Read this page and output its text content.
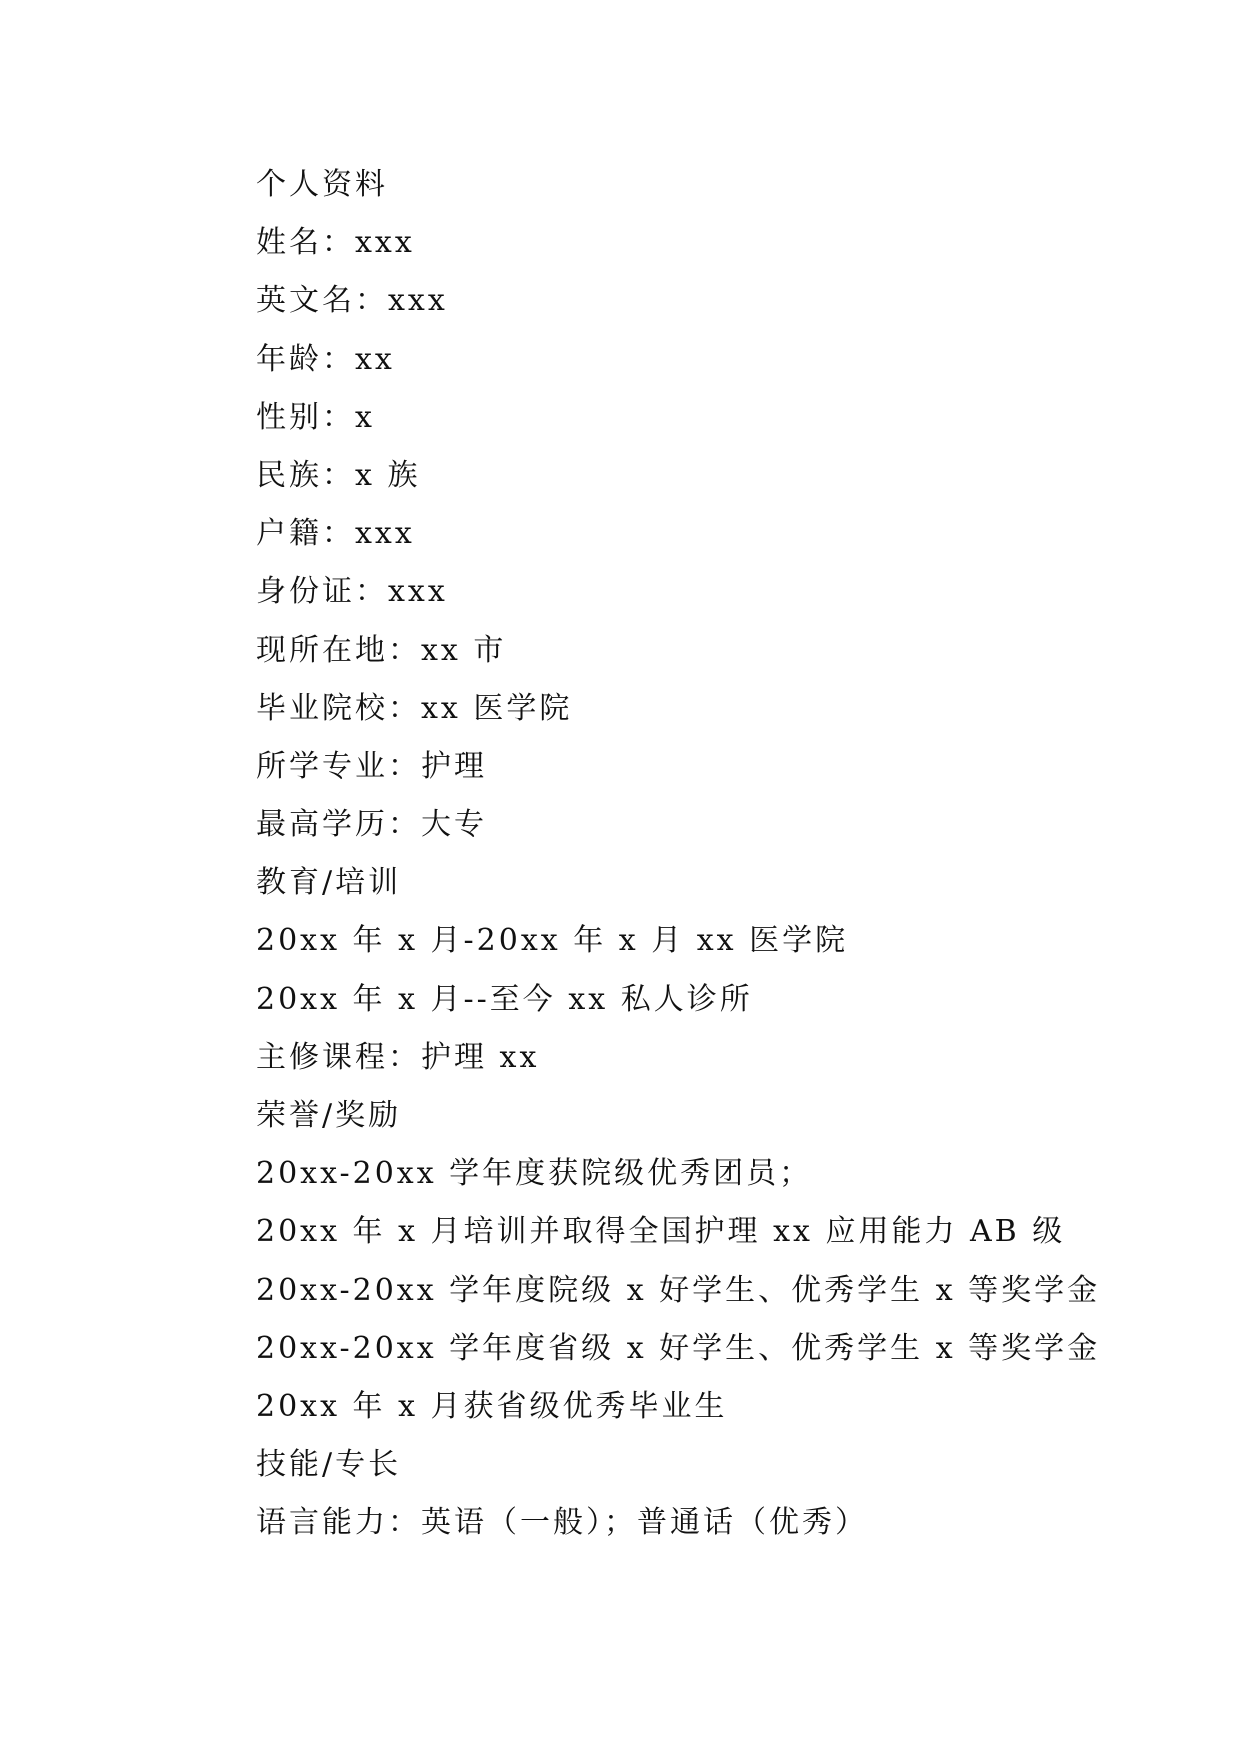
个人资料
姓名：xxx
英文名：xxx
年龄：xx
性别：x
民族：x 族
户籍：xxx
身份证：xxx
现所在地：xx 市
毕业院校：xx 医学院
所学专业：护理
最高学历：大专
教育/培训
20xx 年 x 月-20xx 年 x 月 xx 医学院
20xx 年 x 月--至今 xx 私人诊所
主修课程：护理 xx
荣誉/奖励
20xx-20xx 学年度获院级优秀团员；
20xx 年 x 月培训并取得全国护理 xx 应用能力 AB 级
20xx-20xx 学年度院级 x 好学生、优秀学生 x 等奖学金
20xx-20xx 学年度省级 x 好学生、优秀学生 x 等奖学金
20xx 年 x 月获省级优秀毕业生
技能/专长
语言能力：英语（一般）；普通话（优秀）
